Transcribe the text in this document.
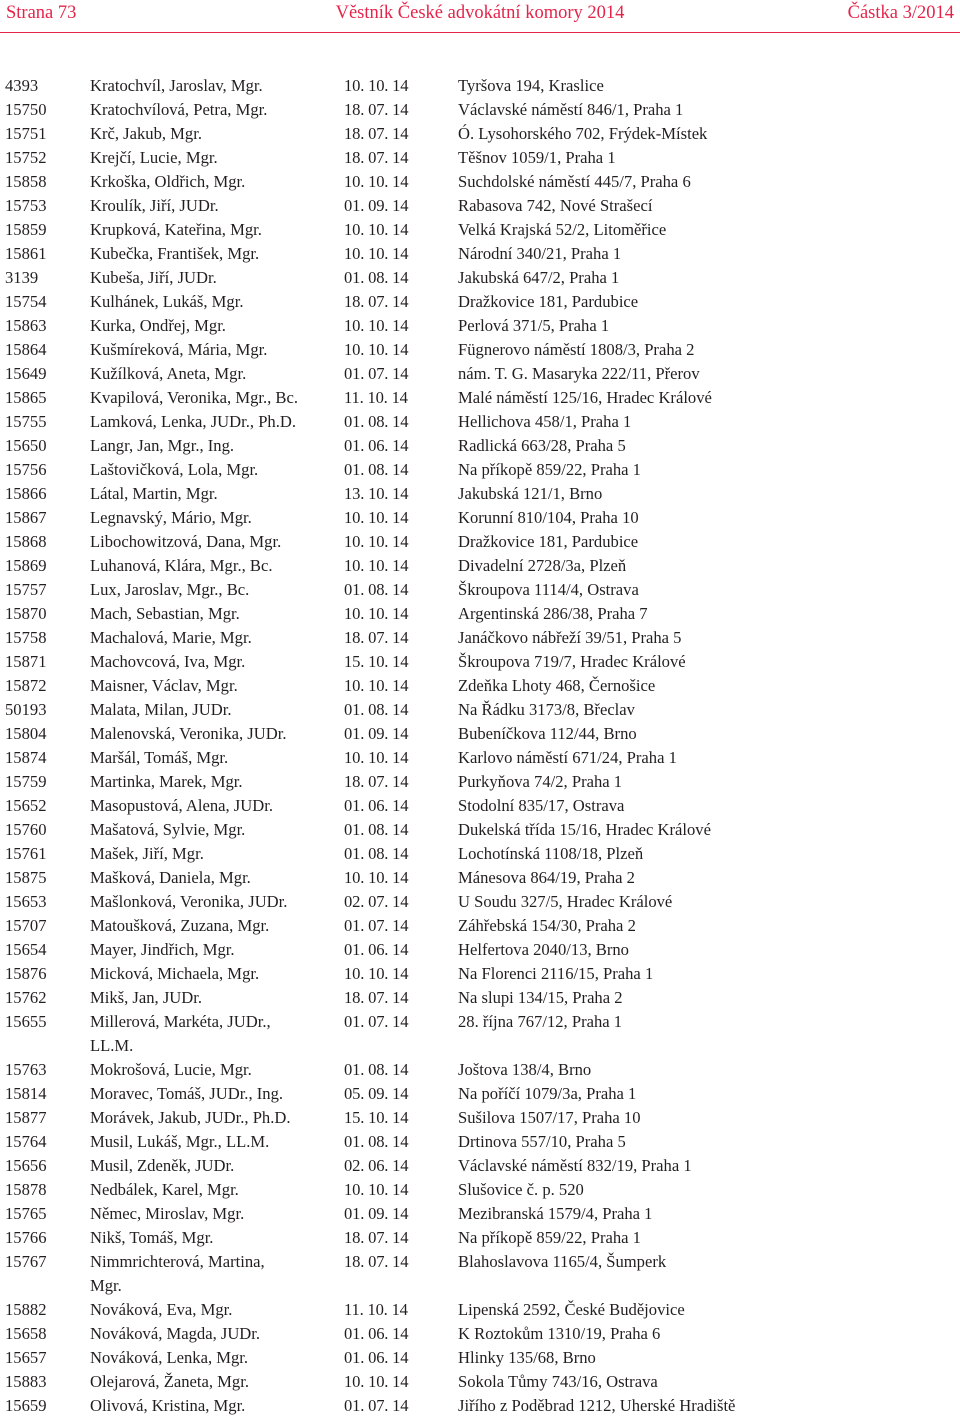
Strana 73	Věstník České advokátní komory 2014	Částka 3/2014
4393	Kratochvíl, Jaroslav, Mgr.	10. 10. 14	Tyršova 194, Kraslice
15750	Kratochvílová, Petra, Mgr.	18. 07. 14	Václavské náměstí 846/1, Praha 1
15751	Krč, Jakub, Mgr.	18. 07. 14	Ó. Lysohorského 702, Frýdek-Místek
15752	Krejčí, Lucie, Mgr.	18. 07. 14	Těšnov 1059/1, Praha 1
15858	Krkoška, Oldřich, Mgr.	10. 10. 14	Suchdolské náměstí 445/7, Praha 6
15753	Kroulík, Jiří, JUDr.	01. 09. 14	Rabasova 742, Nové Strašecí
15859	Krupková, Kateřina, Mgr.	10. 10. 14	Velká Krajská 52/2, Litoměřice
15861	Kubečka, František, Mgr.	10. 10. 14	Národní 340/21, Praha 1
3139	Kubeša, Jiří, JUDr.	01. 08. 14	Jakubská 647/2, Praha 1
15754	Kulhánek, Lukáš, Mgr.	18. 07. 14	Dražkovice 181, Pardubice
15863	Kurka, Ondřej, Mgr.	10. 10. 14	Perlová 371/5, Praha 1
15864	Kušmíreková, Mária, Mgr.	10. 10. 14	Fügnerovo náměstí 1808/3, Praha 2
15649	Kužílková, Aneta, Mgr.	01. 07. 14	nám. T. G. Masaryka 222/11, Přerov
15865	Kvapilová, Veronika, Mgr., Bc.	11. 10. 14	Malé náměstí 125/16, Hradec Králové
15755	Lamková, Lenka, JUDr., Ph.D.	01. 08. 14	Hellichova 458/1, Praha 1
15650	Langr, Jan, Mgr., Ing.	01. 06. 14	Radlická 663/28, Praha 5
15756	Laštovičková, Lola, Mgr.	01. 08. 14	Na příkopě 859/22, Praha 1
15866	Látal, Martin, Mgr.	13. 10. 14	Jakubská 121/1, Brno
15867	Legnavský, Mário, Mgr.	10. 10. 14	Korunní 810/104, Praha 10
15868	Libochowitzová, Dana, Mgr.	10. 10. 14	Dražkovice 181, Pardubice
15869	Luhanová, Klára, Mgr., Bc.	10. 10. 14	Divadelní 2728/3a, Plzeň
15757	Lux, Jaroslav, Mgr., Bc.	01. 08. 14	Škroupova 1114/4, Ostrava
15870	Mach, Sebastian, Mgr.	10. 10. 14	Argentinská 286/38, Praha 7
15758	Machalová, Marie, Mgr.	18. 07. 14	Janáčkovo nábřeží 39/51, Praha 5
15871	Machovcová, Iva, Mgr.	15. 10. 14	Škroupova 719/7, Hradec Králové
15872	Maisner, Václav, Mgr.	10. 10. 14	Zdeňka Lhoty 468, Černošice
50193	Malata, Milan, JUDr.	01. 08. 14	Na Řádku 3173/8, Břeclav
15804	Malenovská, Veronika, JUDr.	01. 09. 14	Bubeníčkova 112/44, Brno
15874	Maršál, Tomáš, Mgr.	10. 10. 14	Karlovo náměstí 671/24, Praha 1
15759	Martinka, Marek, Mgr.	18. 07. 14	Purkyňova 74/2, Praha 1
15652	Masopustová, Alena, JUDr.	01. 06. 14	Stodolní 835/17, Ostrava
15760	Mašatová, Sylvie, Mgr.	01. 08. 14	Dukelská třída 15/16, Hradec Králové
15761	Mašek, Jiří, Mgr.	01. 08. 14	Lochotínská 1108/18, Plzeň
15875	Mašková, Daniela, Mgr.	10. 10. 14	Mánesova 864/19, Praha 2
15653	Mašlonková, Veronika, JUDr.	02. 07. 14	U Soudu 327/5, Hradec Králové
15707	Matoušková, Zuzana, Mgr.	01. 07. 14	Záhřebská 154/30, Praha 2
15654	Mayer, Jindřich, Mgr.	01. 06. 14	Helfertova 2040/13, Brno
15876	Micková, Michaela, Mgr.	10. 10. 14	Na Florenci 2116/15, Praha 1
15762	Mikš, Jan, JUDr.	18. 07. 14	Na slupi 134/15, Praha 2
15655	Millerová, Markéta, JUDr.,	01. 07. 14	28. října 767/12, Praha 1
LL.M.
15763	Mokrošová, Lucie, Mgr.	01. 08. 14	Joštova 138/4, Brno
15814	Moravec, Tomáš, JUDr., Ing.	05. 09. 14	Na poříčí 1079/3a, Praha 1
15877	Morávek, Jakub, JUDr., Ph.D.	15. 10. 14	Sušilova 1507/17, Praha 10
15764	Musil, Lukáš, Mgr., LL.M.	01. 08. 14	Drtinova 557/10, Praha 5
15656	Musil, Zdeněk, JUDr.	02. 06. 14	Václavské náměstí 832/19, Praha 1
15878	Nedbálek, Karel, Mgr.	10. 10. 14	Slušovice č. p. 520
15765	Němec, Miroslav, Mgr.	01. 09. 14	Mezibranská 1579/4, Praha 1
15766	Nikš, Tomáš, Mgr.	18. 07. 14	Na příkopě 859/22, Praha 1
15767	Nimmrichterová, Martina,	18. 07. 14	Blahoslavova 1165/4, Šumperk
Mgr.
15882	Nováková, Eva, Mgr.	11. 10. 14	Lipenská 2592, České Budějovice
15658	Nováková, Magda, JUDr.	01. 06. 14	K Roztokům 1310/19, Praha 6
15657	Nováková, Lenka, Mgr.	01. 06. 14	Hlinky 135/68, Brno
15883	Olejarová, Žaneta, Mgr.	10. 10. 14	Sokola Tůmy 743/16, Ostrava
15659	Olivová, Kristina, Mgr.	01. 07. 14	Jiřího z Poděbrad 1212, Uherské Hradiště
